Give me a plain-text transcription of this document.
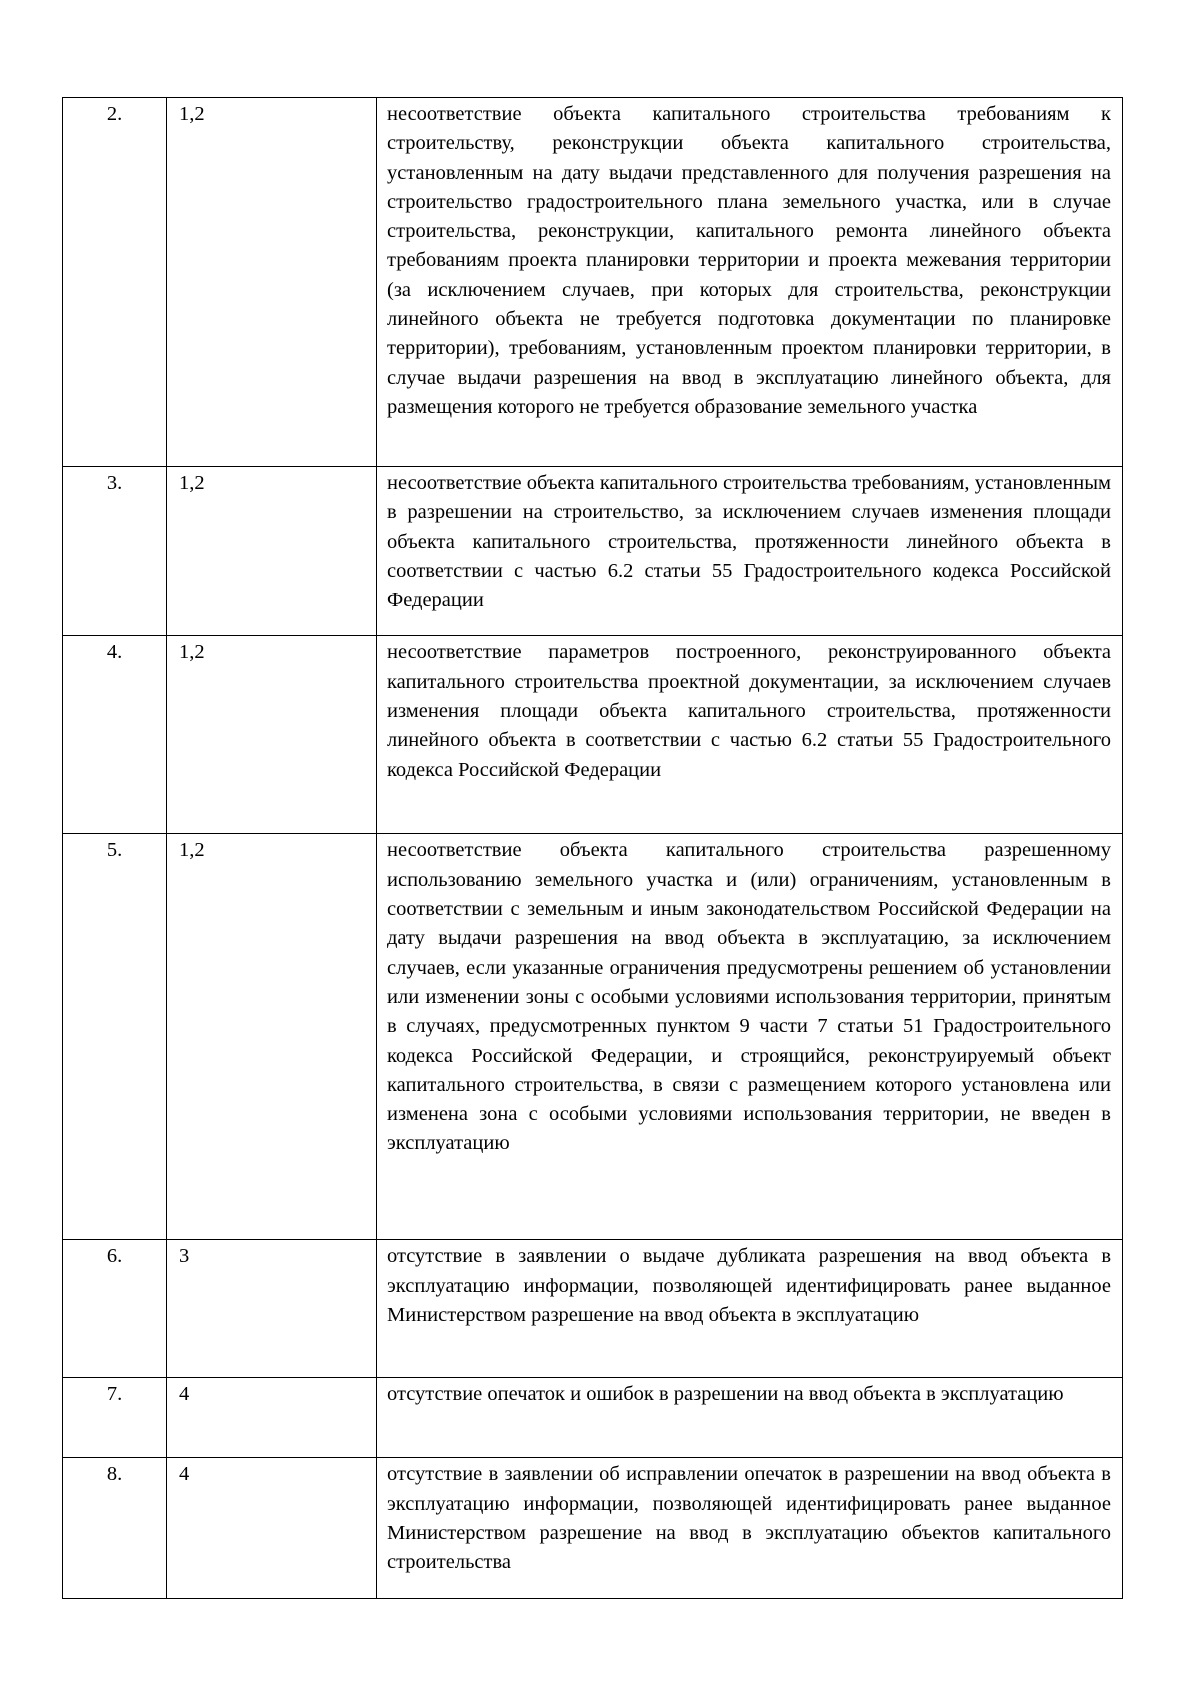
2.	1,2	несоответствие объекта капитального строительства требованиям к строительству, реконструкции объекта капитального строительства, установленным на дату выдачи представленного для получения разрешения на строительство градостроительного плана земельного участка, или в случае строительства, реконструкции, капитального ремонта линейного объекта требованиям проекта планировки территории и проекта межевания территории (за исключением случаев, при которых для строительства, реконструкции линейного объекта не требуется подготовка документации по планировке территории), требованиям, установленным проектом планировки территории, в случае выдачи разрешения на ввод в эксплуатацию линейного объекта, для размещения которого не требуется образование земельного участка
3.	1,2	несоответствие объекта капитального строительства требованиям, установленным в разрешении на строительство, за исключением случаев изменения площади объекта капитального строительства, протяженности линейного объекта в соответствии с частью 6.2 статьи 55 Градостроительного кодекса Российской Федерации
4.	1,2	несоответствие параметров построенного, реконструированного объекта капитального строительства проектной документации, за исключением случаев изменения площади объекта капитального строительства, протяженности линейного объекта в соответствии с частью 6.2 статьи 55 Градостроительного кодекса Российской Федерации
5.	1,2	несоответствие объекта капитального строительства разрешенному использованию земельного участка и (или) ограничениям, установленным в соответствии с земельным и иным законодательством Российской Федерации на дату выдачи разрешения на ввод объекта в эксплуатацию, за исключением случаев, если указанные ограничения предусмотрены решением об установлении или изменении зоны с особыми условиями использования территории, принятым в случаях, предусмотренных пунктом 9 части 7 статьи 51 Градостроительного кодекса Российской Федерации, и строящийся, реконструируемый объект капитального строительства, в связи с размещением которого установлена или изменена зона с особыми условиями использования территории, не введен в эксплуатацию
6.	3	отсутствие в заявлении о выдаче дубликата разрешения на ввод объекта в эксплуатацию информации, позволяющей идентифицировать ранее выданное Министерством разрешение на ввод объекта в эксплуатацию
7.	4	отсутствие опечаток и ошибок в разрешении на ввод объекта в эксплуатацию
8.	4	отсутствие в заявлении об исправлении опечаток в разрешении на ввод объекта в эксплуатацию информации, позволяющей идентифицировать ранее выданное Министерством разрешение на ввод в эксплуатацию объектов капитального строительства
